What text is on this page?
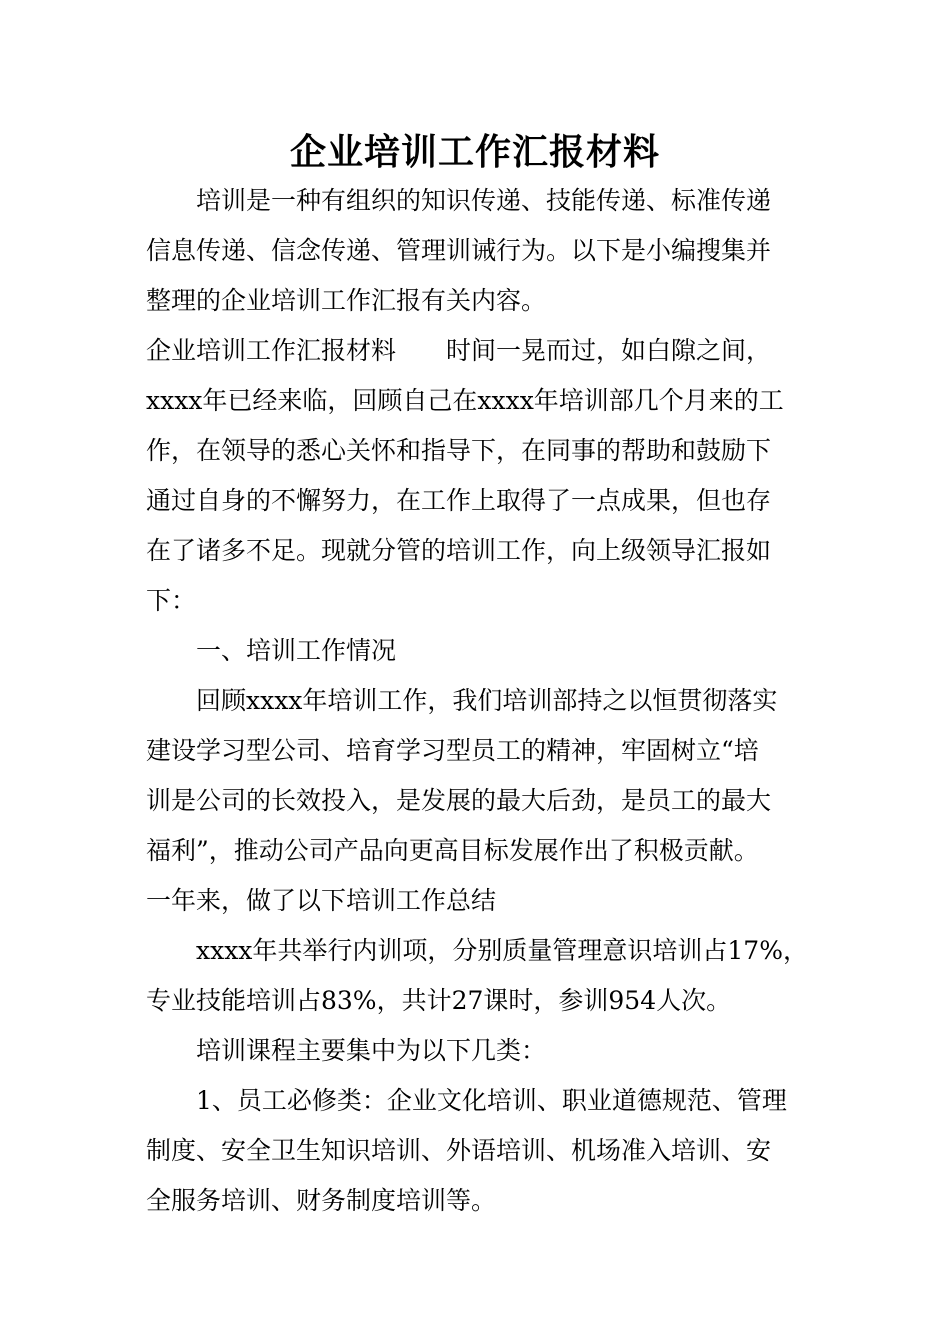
企业培训工作汇报材料
培训是一种有组织的知识传递、技能传递、标准传递
信息传递、信念传递、管理训诫行为。以下是小编搜集并
整理的企业培训工作汇报有关内容。
企业培训工作汇报材料　　时间一晃而过，如白隙之间，
xxxx年已经来临，回顾自己在xxxx年培训部几个月来的工
作，在领导的悉心关怀和指导下，在同事的帮助和鼓励下
通过自身的不懈努力，在工作上取得了一点成果，但也存
在了诸多不足。现就分管的培训工作，向上级领导汇报如
下：
一、培训工作情况
回顾xxxx年培训工作，我们培训部持之以恒贯彻落实
建设学习型公司、培育学习型员工的精神，牢固树立“培
训是公司的长效投入，是发展的最大后劲，是员工的最大
福利”，推动公司产品向更高目标发展作出了积极贡献。
一年来，做了以下培训工作总结
xxxx年共举行内训项，分别质量管理意识培训占17%，
专业技能培训占83%，共计27课时，参训954人次。
培训课程主要集中为以下几类：
1、员工必修类：企业文化培训、职业道德规范、管理
制度、安全卫生知识培训、外语培训、机场准入培训、安
全服务培训、财务制度培训等。
